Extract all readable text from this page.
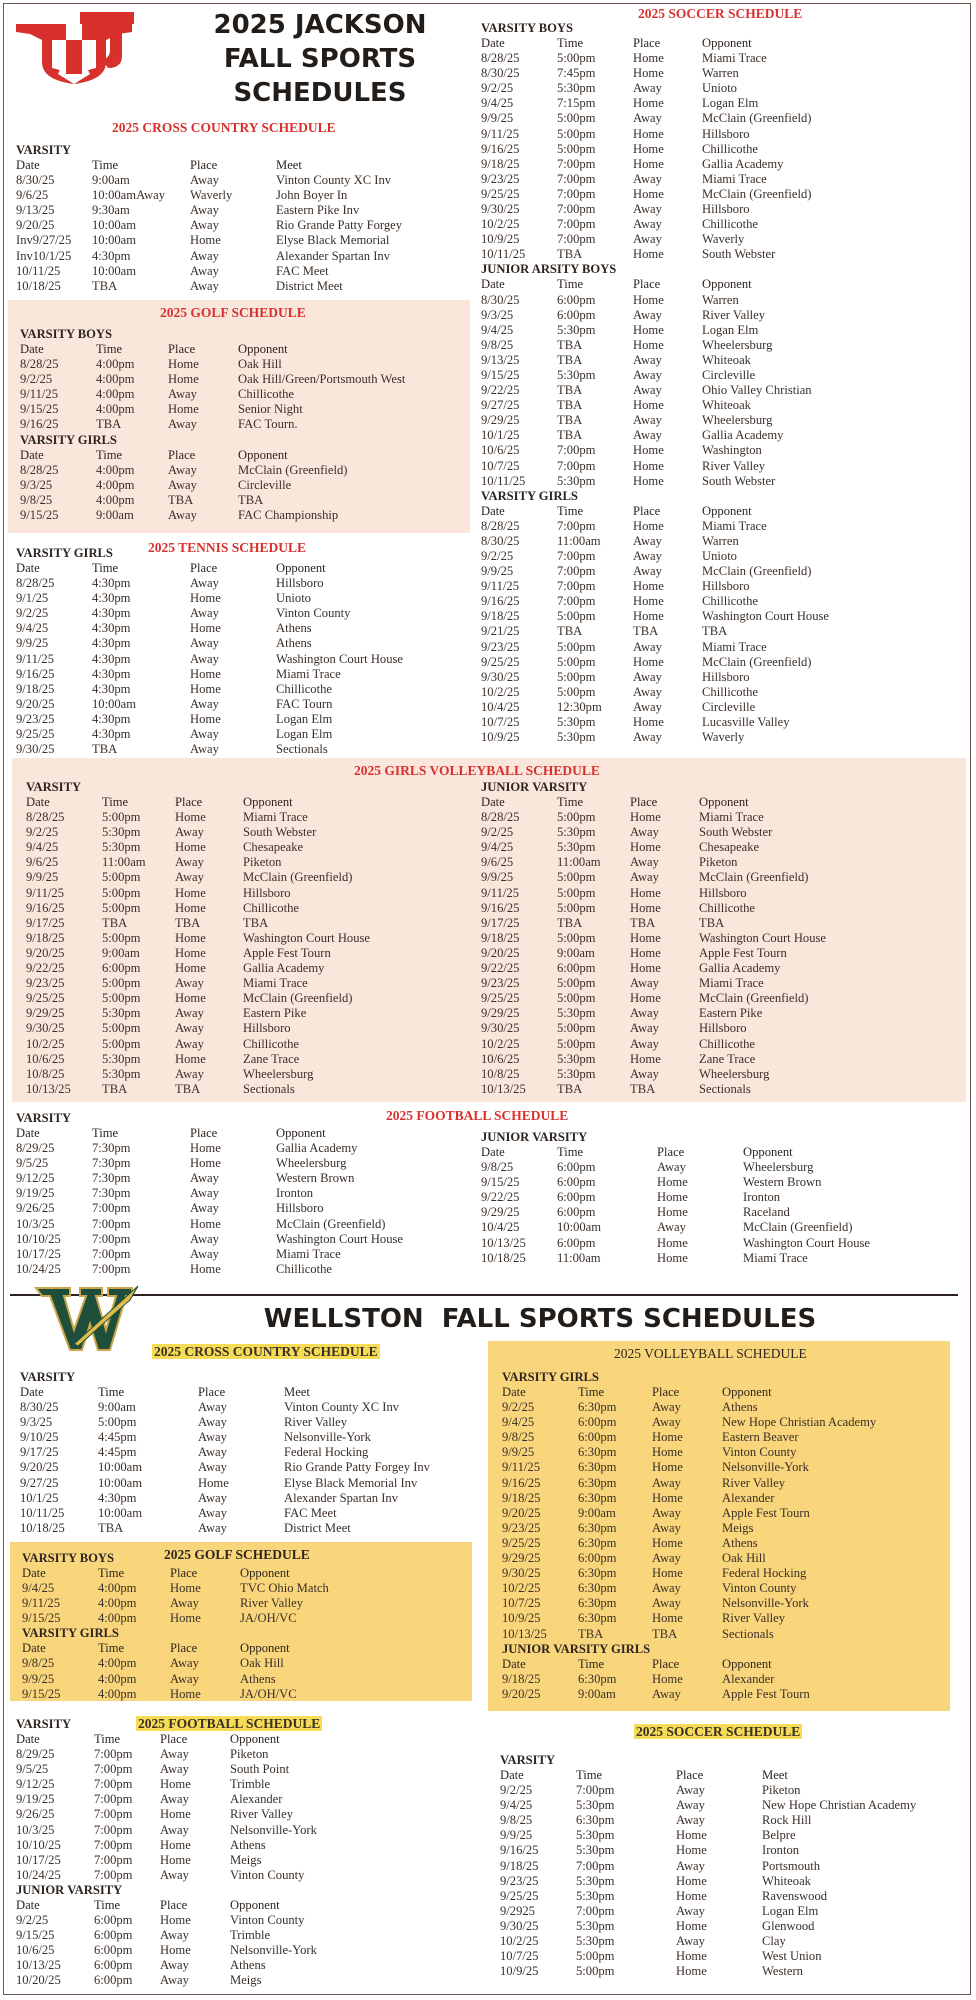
2025 JACKSON
FALL SPORTS
SCHEDULES
2025 CROSS COUNTRY SCHEDULE
VARSITY
Date	Time	Place	Meet
8/30/25	9:00am	Away	Vinton County XC Inv
9/6/25	10:00amAway	Waverly	John Boyer In
9/13/25	9:30am	Away	Eastern Pike Inv
9/20/25	10:00am	Away	Rio Grande Patty Forgey
Inv9/27/25	10:00am	Home	Elyse Black Memorial
Inv10/1/25	4:30pm	Away	Alexander Spartan Inv
10/11/25	10:00am	Away	FAC Meet
10/18/25	TBA	Away	District Meet
2025 GOLF SCHEDULE
VARSITY BOYS
Date	Time	Place	Opponent
8/28/25	4:00pm	Home	Oak Hill
9/2/25	4:00pm	Home	Oak Hill/Green/Portsmouth West
9/11/25	4:00pm	Away	Chillicothe
9/15/25	4:00pm	Home	Senior Night
9/16/25	TBA	Away	FAC Tourn.
VARSITY GIRLS
Date	Time	Place	Opponent
8/28/25	4:00pm	Away	McClain (Greenfield)
9/3/25	4:00pm	Away	Circleville
9/8/25	4:00pm	TBA	TBA
9/15/25	9:00am	Away	FAC Championship
2025 TENNIS SCHEDULE
VARSITY GIRLS
Date	Time	Place	Opponent
8/28/25	4:30pm	Away	Hillsboro
9/1/25	4:30pm	Home	Unioto
9/2/25	4:30pm	Away	Vinton County
9/4/25	4:30pm	Home	Athens
9/9/25	4:30pm	Away	Athens
9/11/25	4:30pm	Away	Washington Court House
9/16/25	4:30pm	Home	Miami Trace
9/18/25	4:30pm	Home	Chillicothe
9/20/25	10:00am	Away	FAC Tourn
9/23/25	4:30pm	Home	Logan Elm
9/25/25	4:30pm	Away	Logan Elm
9/30/25	TBA	Away	Sectionals
2025 SOCCER SCHEDULE
VARSITY BOYS
Date	Time	Place	Opponent
8/28/25	5:00pm	Home	Miami Trace
8/30/25	7:45pm	Home	Warren
9/2/25	5:30pm	Away	Unioto
9/4/25	7:15pm	Home	Logan Elm
9/9/25	5:00pm	Away	McClain (Greenfield)
9/11/25	5:00pm	Home	Hillsboro
9/16/25	5:00pm	Home	Chillicothe
9/18/25	7:00pm	Home	Gallia Academy
9/23/25	7:00pm	Away	Miami Trace
9/25/25	7:00pm	Home	McClain (Greenfield)
9/30/25	7:00pm	Away	Hillsboro
10/2/25	7:00pm	Away	Chillicothe
10/9/25	7:00pm	Away	Waverly
10/11/25	TBA	Home	South Webster
JUNIOR ARSITY BOYS
Date	Time	Place	Opponent
8/30/25	6:00pm	Home	Warren
9/3/25	6:00pm	Away	River Valley
9/4/25	5:30pm	Home	Logan Elm
9/8/25	TBA	Home	Wheelersburg
9/13/25	TBA	Away	Whiteoak
9/15/25	5:30pm	Away	Circleville
9/22/25	TBA	Away	Ohio Valley Christian
9/27/25	TBA	Home	Whiteoak
9/29/25	TBA	Away	Wheelersburg
10/1/25	TBA	Away	Gallia Academy
10/6/25	7:00pm	Home	Washington
10/7/25	7:00pm	Home	River Valley
10/11/25	5:30pm	Home	South Webster
VARSITY GIRLS
Date	Time	Place	Opponent
8/28/25	7:00pm	Home	Miami Trace
8/30/25	11:00am	Away	Warren
9/2/25	7:00pm	Away	Unioto
9/9/25	7:00pm	Away	McClain (Greenfield)
9/11/25	7:00pm	Home	Hillsboro
9/16/25	7:00pm	Home	Chillicothe
9/18/25	5:00pm	Home	Washington Court House
9/21/25	TBA	TBA	TBA
9/23/25	5:00pm	Away	Miami Trace
9/25/25	5:00pm	Home	McClain (Greenfield)
9/30/25	5:00pm	Away	Hillsboro
10/2/25	5:00pm	Away	Chillicothe
10/4/25	12:30pm	Away	Circleville
10/7/25	5:30pm	Home	Lucasville Valley
10/9/25	5:30pm	Away	Waverly
2025 GIRLS VOLLEYBALL SCHEDULE
VARSITY
Date	Time	Place	Opponent
8/28/25	5:00pm	Home	Miami Trace
9/2/25	5:30pm	Away	South Webster
9/4/25	5:30pm	Home	Chesapeake
9/6/25	11:00am	Away	Piketon
9/9/25	5:00pm	Away	McClain (Greenfield)
9/11/25	5:00pm	Home	Hillsboro
9/16/25	5:00pm	Home	Chillicothe
9/17/25	TBA	TBA	TBA
9/18/25	5:00pm	Home	Washington Court House
9/20/25	9:00am	Home	Apple Fest Tourn
9/22/25	6:00pm	Home	Gallia Academy
9/23/25	5:00pm	Away	Miami Trace
9/25/25	5:00pm	Home	McClain (Greenfield)
9/29/25	5:30pm	Away	Eastern Pike
9/30/25	5:00pm	Away	Hillsboro
10/2/25	5:00pm	Away	Chillicothe
10/6/25	5:30pm	Home	Zane Trace
10/8/25	5:30pm	Away	Wheelersburg
10/13/25	TBA	TBA	Sectionals
JUNIOR VARSITY
Date	Time	Place	Opponent
8/28/25	5:00pm	Home	Miami Trace
9/2/25	5:30pm	Away	South Webster
9/4/25	5:30pm	Home	Chesapeake
9/6/25	11:00am	Away	Piketon
9/9/25	5:00pm	Away	McClain (Greenfield)
9/11/25	5:00pm	Home	Hillsboro
9/16/25	5:00pm	Home	Chillicothe
9/17/25	TBA	TBA	TBA
9/18/25	5:00pm	Home	Washington Court House
9/20/25	9:00am	Home	Apple Fest Tourn
9/22/25	6:00pm	Home	Gallia Academy
9/23/25	5:00pm	Away	Miami Trace
9/25/25	5:00pm	Home	McClain (Greenfield)
9/29/25	5:30pm	Away	Eastern Pike
9/30/25	5:00pm	Away	Hillsboro
10/2/25	5:00pm	Away	Chillicothe
10/6/25	5:30pm	Home	Zane Trace
10/8/25	5:30pm	Away	Wheelersburg
10/13/25	TBA	TBA	Sectionals
2025 FOOTBALL SCHEDULE
VARSITY
Date	Time	Place	Opponent
8/29/25	7:30pm	Home	Gallia Academy
9/5/25	7:30pm	Home	Wheelersburg
9/12/25	7:30pm	Away	Western Brown
9/19/25	7:30pm	Away	Ironton
9/26/25	7:00pm	Away	Hillsboro
10/3/25	7:00pm	Home	McClain (Greenfield)
10/10/25	7:00pm	Away	Washington Court House
10/17/25	7:00pm	Away	Miami Trace
10/24/25	7:00pm	Home	Chillicothe
JUNIOR VARSITY
Date	Time	Place	Opponent
9/8/25	6:00pm	Away	Wheelersburg
9/15/25	6:00pm	Home	Western Brown
9/22/25	6:00pm	Home	Ironton
9/29/25	6:00pm	Home	Raceland
10/4/25	10:00am	Away	McClain (Greenfield)
10/13/25	6:00pm	Home	Washington Court House
10/18/25	11:00am	Home	Miami Trace
WELLSTON  FALL SPORTS SCHEDULES
2025 CROSS COUNTRY SCHEDULE
VARSITY
Date	Time	Place	Meet
8/30/25	9:00am	Away	Vinton County XC Inv
9/3/25	5:00pm	Away	River Valley
9/10/25	4:45pm	Away	Nelsonville-York
9/17/25	4:45pm	Away	Federal Hocking
9/20/25	10:00am	Away	Rio Grande Patty Forgey Inv
9/27/25	10:00am	Home	Elyse Black Memorial Inv
10/1/25	4:30pm	Away	Alexander Spartan Inv
10/11/25	10:00am	Away	FAC Meet
10/18/25	TBA	Away	District Meet
2025 GOLF SCHEDULE
VARSITY BOYS
Date	Time	Place	Opponent
9/4/25	4:00pm	Home	TVC Ohio Match
9/11/25	4:00pm	Away	River Valley
9/15/25	4:00pm	Home	JA/OH/VC
VARSITY GIRLS
Date	Time	Place	Opponent
9/8/25	4:00pm	Away	Oak Hill
9/9/25	4:00pm	Away	Athens
9/15/25	4:00pm	Home	JA/OH/VC
2025 FOOTBALL SCHEDULE
VARSITY
Date	Time	Place	Opponent
8/29/25	7:00pm	Away	Piketon
9/5/25	7:00pm	Away	South Point
9/12/25	7:00pm	Home	Trimble
9/19/25	7:00pm	Away	Alexander
9/26/25	7:00pm	Home	River Valley
10/3/25	7:00pm	Away	Nelsonville-York
10/10/25	7:00pm	Home	Athens
10/17/25	7:00pm	Home	Meigs
10/24/25	7:00pm	Away	Vinton County
JUNIOR VARSITY
Date	Time	Place	Opponent
9/2/25	6:00pm	Home	Vinton County
9/15/25	6:00pm	Away	Trimble
10/6/25	6:00pm	Home	Nelsonville-York
10/13/25	6:00pm	Away	Athens
10/20/25	6:00pm	Away	Meigs
2025 VOLLEYBALL SCHEDULE
VARSITY GIRLS
Date	Time	Place	Opponent
9/2/25	6:30pm	Away	Athens
9/4/25	6:00pm	Away	New Hope Christian Academy
9/8/25	6:00pm	Home	Eastern Beaver
9/9/25	6:30pm	Home	Vinton County
9/11/25	6:30pm	Home	Nelsonville-York
9/16/25	6:30pm	Away	River Valley
9/18/25	6:30pm	Home	Alexander
9/20/25	9:00am	Away	Apple Fest Tourn
9/23/25	6:30pm	Away	Meigs
9/25/25	6:30pm	Home	Athens
9/29/25	6:00pm	Away	Oak Hill
9/30/25	6:30pm	Home	Federal Hocking
10/2/25	6:30pm	Away	Vinton County
10/7/25	6:30pm	Away	Nelsonville-York
10/9/25	6:30pm	Home	River Valley
10/13/25	TBA	TBA	Sectionals
JUNIOR VARSITY GIRLS
Date	Time	Place	Opponent
9/18/25	6:30pm	Home	Alexander
9/20/25	9:00am	Away	Apple Fest Tourn
2025 SOCCER SCHEDULE
VARSITY
Date	Time	Place	Meet
9/2/25	7:00pm	Away	Piketon
9/4/25	5:30pm	Away	New Hope Christian Academy
9/8/25	6:30pm	Away	Rock Hill
9/9/25	5:30pm	Home	Belpre
9/16/25	5:30pm	Home	Ironton
9/18/25	7:00pm	Away	Portsmouth
9/23/25	5:30pm	Home	Whiteoak
9/25/25	5:30pm	Home	Ravenswood
9/2925	7:00pm	Away	Logan Elm
9/30/25	5:30pm	Home	Glenwood
10/2/25	5:30pm	Away	Clay
10/7/25	5:00pm	Home	West Union
10/9/25	5:00pm	Home	Western
